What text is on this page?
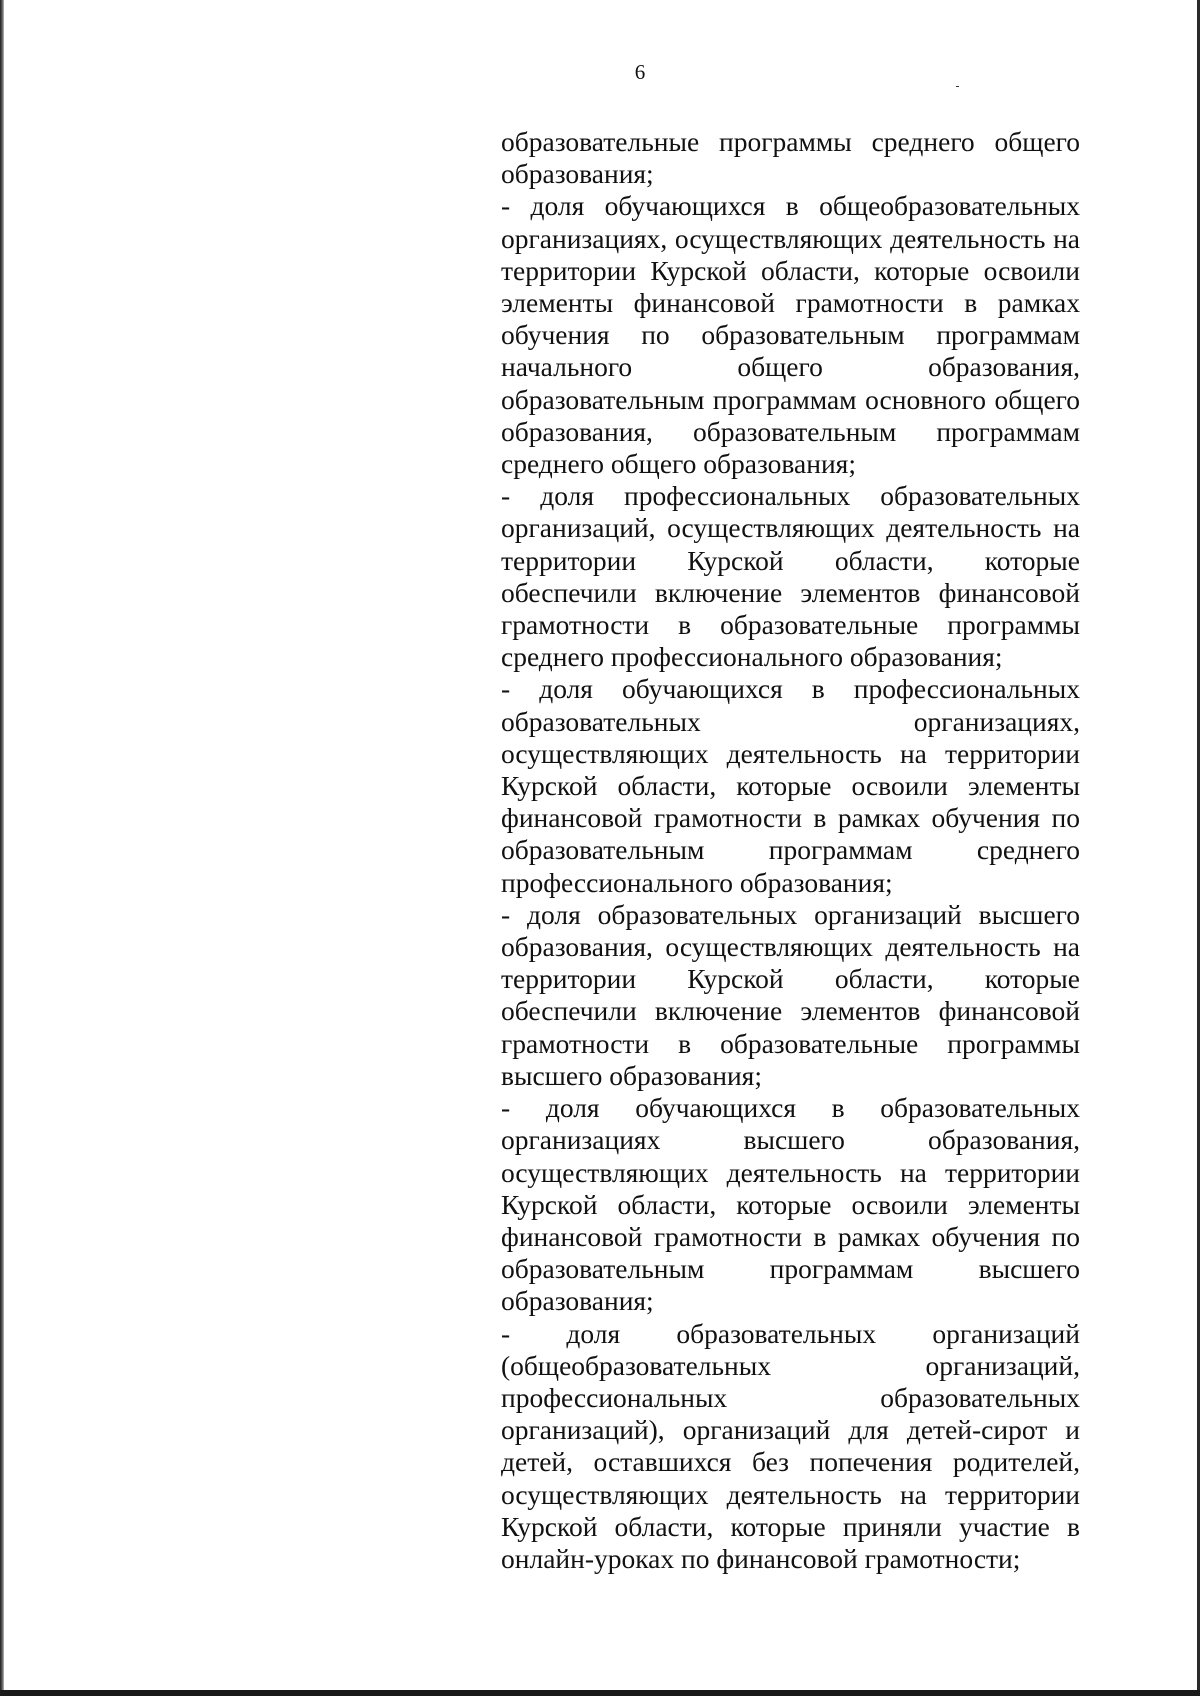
6

образовательные программы среднего общего образования;

- доля обучающихся в общеобразовательных организациях, осуществляющих деятельность на территории Курской области, которые освоили элементы финансовой грамотности в рамках обучения по образовательным программам начального общего образования, образовательным программам основного общего образования, образовательным программам среднего общего образования;

- доля профессиональных образовательных организаций, осуществляющих деятельность на территории Курской области, которые обеспечили включение элементов финансовой грамотности в образовательные программы среднего профессионального образования;

- доля обучающихся в профессиональных образовательных организациях, осуществляющих деятельность на территории Курской области, которые освоили элементы финансовой грамотности в рамках обучения по образовательным программам среднего профессионального образования;

- доля образовательных организаций высшего образования, осуществляющих деятельность на территории Курской области, которые обеспечили включение элементов финансовой грамотности в образовательные программы высшего образования;

- доля обучающихся в образовательных организациях высшего образования, осуществляющих деятельность на территории Курской области, которые освоили элементы финансовой грамотности в рамках обучения по образовательным программам высшего образования;

- доля образовательных организаций (общеобразовательных организаций, профессиональных образовательных организаций), организаций для детей-сирот и детей, оставшихся без попечения родителей, осуществляющих деятельность на территории Курской области, которые приняли участие в онлайн-уроках по финансовой грамотности;
